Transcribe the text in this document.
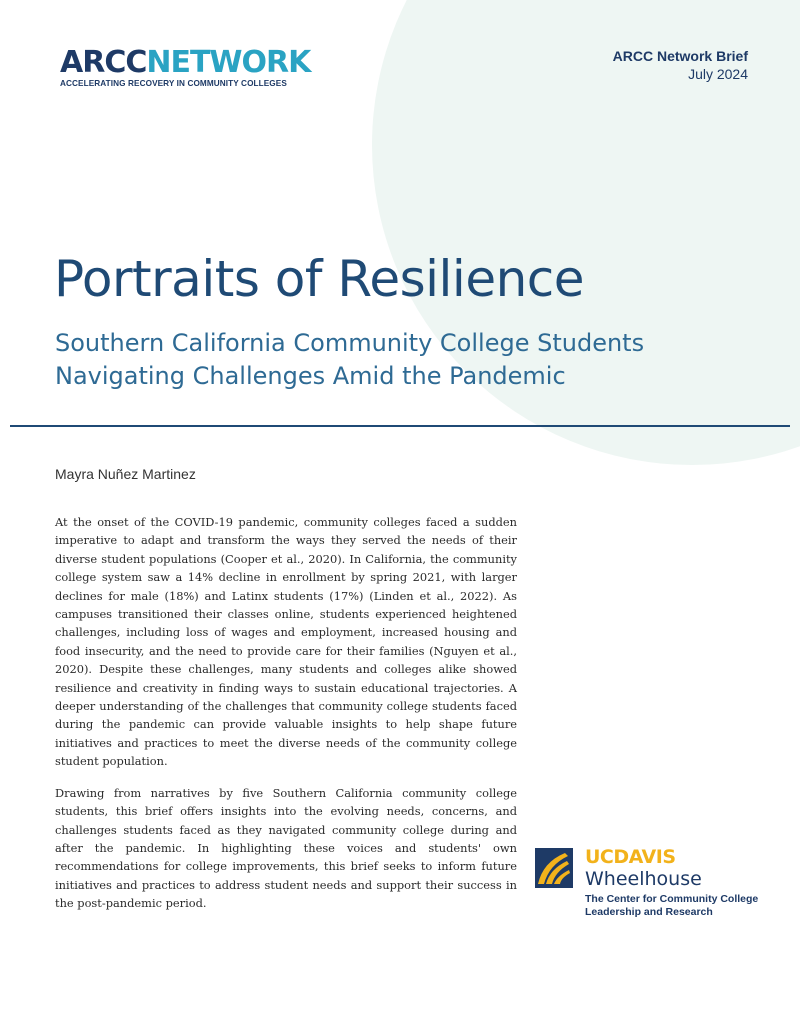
ARCCNETWORK
ACCELERATING RECOVERY IN COMMUNITY COLLEGES
ARCC Network Brief
July 2024
Portraits of Resilience
Southern California Community College Students
Navigating Challenges Amid the Pandemic
Mayra Nuñez Martinez

At the onset of the COVID-19 pandemic, community colleges faced a sudden imperative to adapt and transform the ways they served the needs of their diverse student populations (Cooper et al., 2020). In California, the community college system saw a 14% decline in enrollment by spring 2021, with larger declines for male (18%) and Latinx students (17%) (Linden et al., 2022). As campuses transitioned their classes online, students experienced heightened challenges, including loss of wages and employment, increased housing and food insecurity, and the need to provide care for their families (Nguyen et al., 2020). Despite these challenges, many students and colleges alike showed resilience and creativity in finding ways to sustain educational trajectories. A deeper understanding of the challenges that community college students faced during the pandemic can provide valuable insights to help shape future initiatives and practices to meet the diverse needs of the community college student population.

Drawing from narratives by five Southern California community college students, this brief offers insights into the evolving needs, concerns, and challenges students faced as they navigated community college during and after the pandemic. In highlighting these voices and students' own recommendations for college improvements, this brief seeks to inform future initiatives and practices to address student needs and support their success in the post-pandemic period.

UCDAVIS
Wheelhouse
The Center for Community College
Leadership and Research
